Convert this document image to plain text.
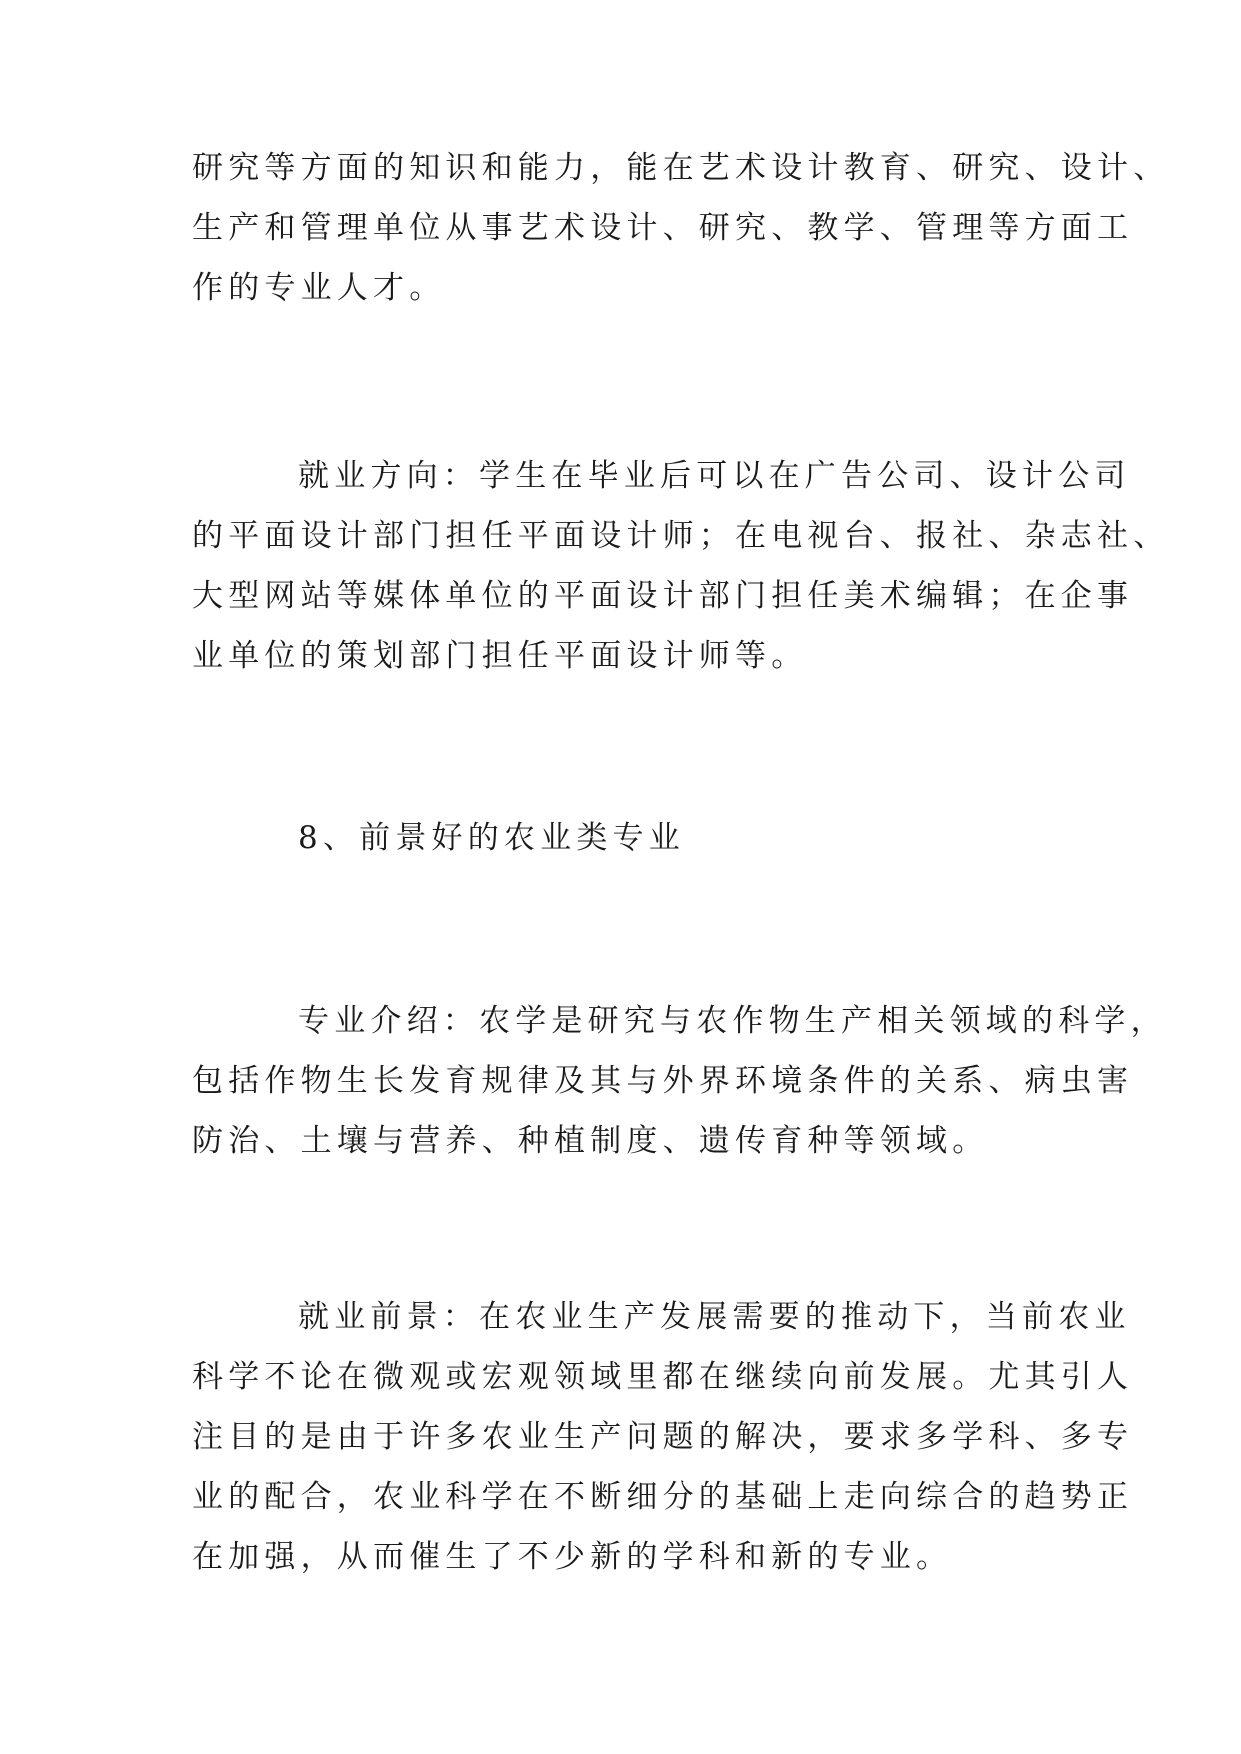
研究等方面的知识和能力，能在艺术设计教育、研究、设计、
生产和管理单位从事艺术设计、研究、教学、管理等方面工
作的专业人才。
就业方向：学生在毕业后可以在广告公司、设计公司
的平面设计部门担任平面设计师；在电视台、报社、杂志社、
大型网站等媒体单位的平面设计部门担任美术编辑；在企事
业单位的策划部门担任平面设计师等。
8、前景好的农业类专业
专业介绍：农学是研究与农作物生产相关领域的科学，
包括作物生长发育规律及其与外界环境条件的关系、病虫害
防治、土壤与营养、种植制度、遗传育种等领域。
就业前景：在农业生产发展需要的推动下，当前农业
科学不论在微观或宏观领域里都在继续向前发展。尤其引人
注目的是由于许多农业生产问题的解决，要求多学科、多专
业的配合，农业科学在不断细分的基础上走向综合的趋势正
在加强，从而催生了不少新的学科和新的专业。
